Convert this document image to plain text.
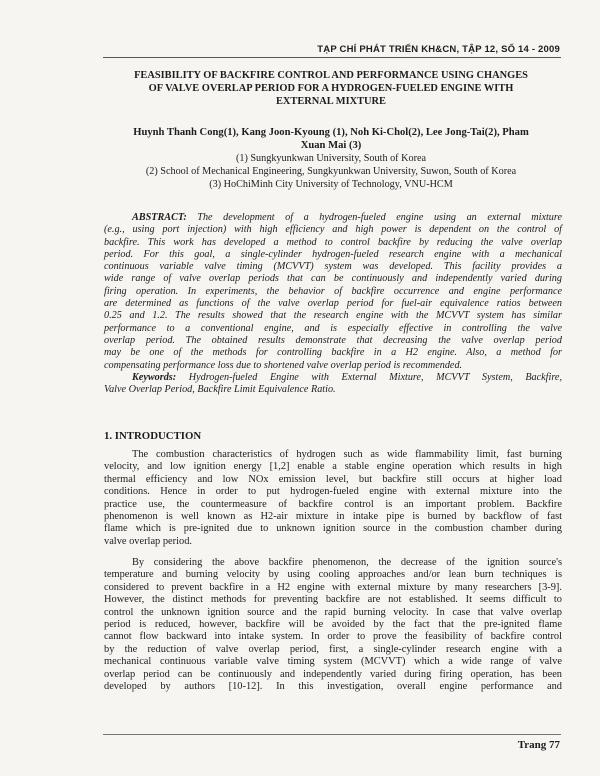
TẠP CHÍ PHÁT TRIỂN KH&CN, TẬP 12, SỐ 14 - 2009
FEASIBILITY OF BACKFIRE CONTROL AND PERFORMANCE USING CHANGES
OF VALVE OVERLAP PERIOD FOR A HYDROGEN-FUELED ENGINE WITH
EXTERNAL MIXTURE
Huynh Thanh Cong(1), Kang Joon-Kyoung (1), Noh Ki-Chol(2), Lee Jong-Tai(2), Pham
Xuan Mai (3)
(1) Sungkyunkwan University, South of Korea
(2) School of Mechanical Engineering, Sungkyunkwan University, Suwon, South of Korea
(3) HoChiMinh City University of Technology, VNU-HCM
ABSTRACT: The development of a hydrogen-fueled engine using an external mixture
(e.g., using port injection) with high efficiency and high power is dependent on the control of
backfire. This work has developed a method to control backfire by reducing the valve overlap
period. For this goal, a single-cylinder hydrogen-fueled research engine with a mechanical
continuous variable valve timing (MCVVT) system was developed. This facility provides a
wide range of valve overlap periods that can be continuously and independently varied during
firing operation. In experiments, the behavior of backfire occurrence and engine performance
are determined as functions of the valve overlap period for fuel-air equivalence ratios between
0.25 and 1.2. The results showed that the research engine with the MCVVT system has similar
performance to a conventional engine, and is especially effective in controlling the valve
overlap period. The obtained results demonstrate that decreasing the valve overlap period
may be one of the methods for controlling backfire in a H2 engine. Also, a method for
compensating performance loss due to shortened valve overlap period is recommended.
Keywords: Hydrogen-fueled Engine with External Mixture, MCVVT System, Backfire,
Valve Overlap Period, Backfire Limit Equivalence Ratio.
1. INTRODUCTION
The combustion characteristics of hydrogen such as wide flammability limit, fast burning
velocity, and low ignition energy [1,2] enable a stable engine operation which results in high
thermal efficiency and low NOx emission level, but backfire still occurs at higher load
conditions. Hence in order to put hydrogen-fueled engine with external mixture into the
practice use, the countermeasure of backfire control is an important problem. Backfire
phenomenon is well known as H2-air mixture in intake pipe is burned by backflow of fast
flame which is pre-ignited due to unknown ignition source in the combustion chamber during
valve overlap period.
By considering the above backfire phenomenon, the decrease of the ignition source's
temperature and burning velocity by using cooling approaches and/or lean burn techniques is
considered to prevent backfire in a H2 engine with external mixture by many researchers [3-9].
However, the distinct methods for preventing backfire are not established. It seems difficult to
control the unknown ignition source and the rapid burning velocity. In case that valve overlap
period is reduced, however, backfire will be avoided by the fact that the pre-ignited flame
cannot flow backward into intake system. In order to prove the feasibility of backfire control
by the reduction of valve overlap period, first, a single-cylinder research engine with a
mechanical continuous variable valve timing system (MCVVT) which a wide range of valve
overlap period can be continuously and independently varied during firing operation, has been
developed by authors [10-12]. In this investigation, overall engine performance and
Trang 77
